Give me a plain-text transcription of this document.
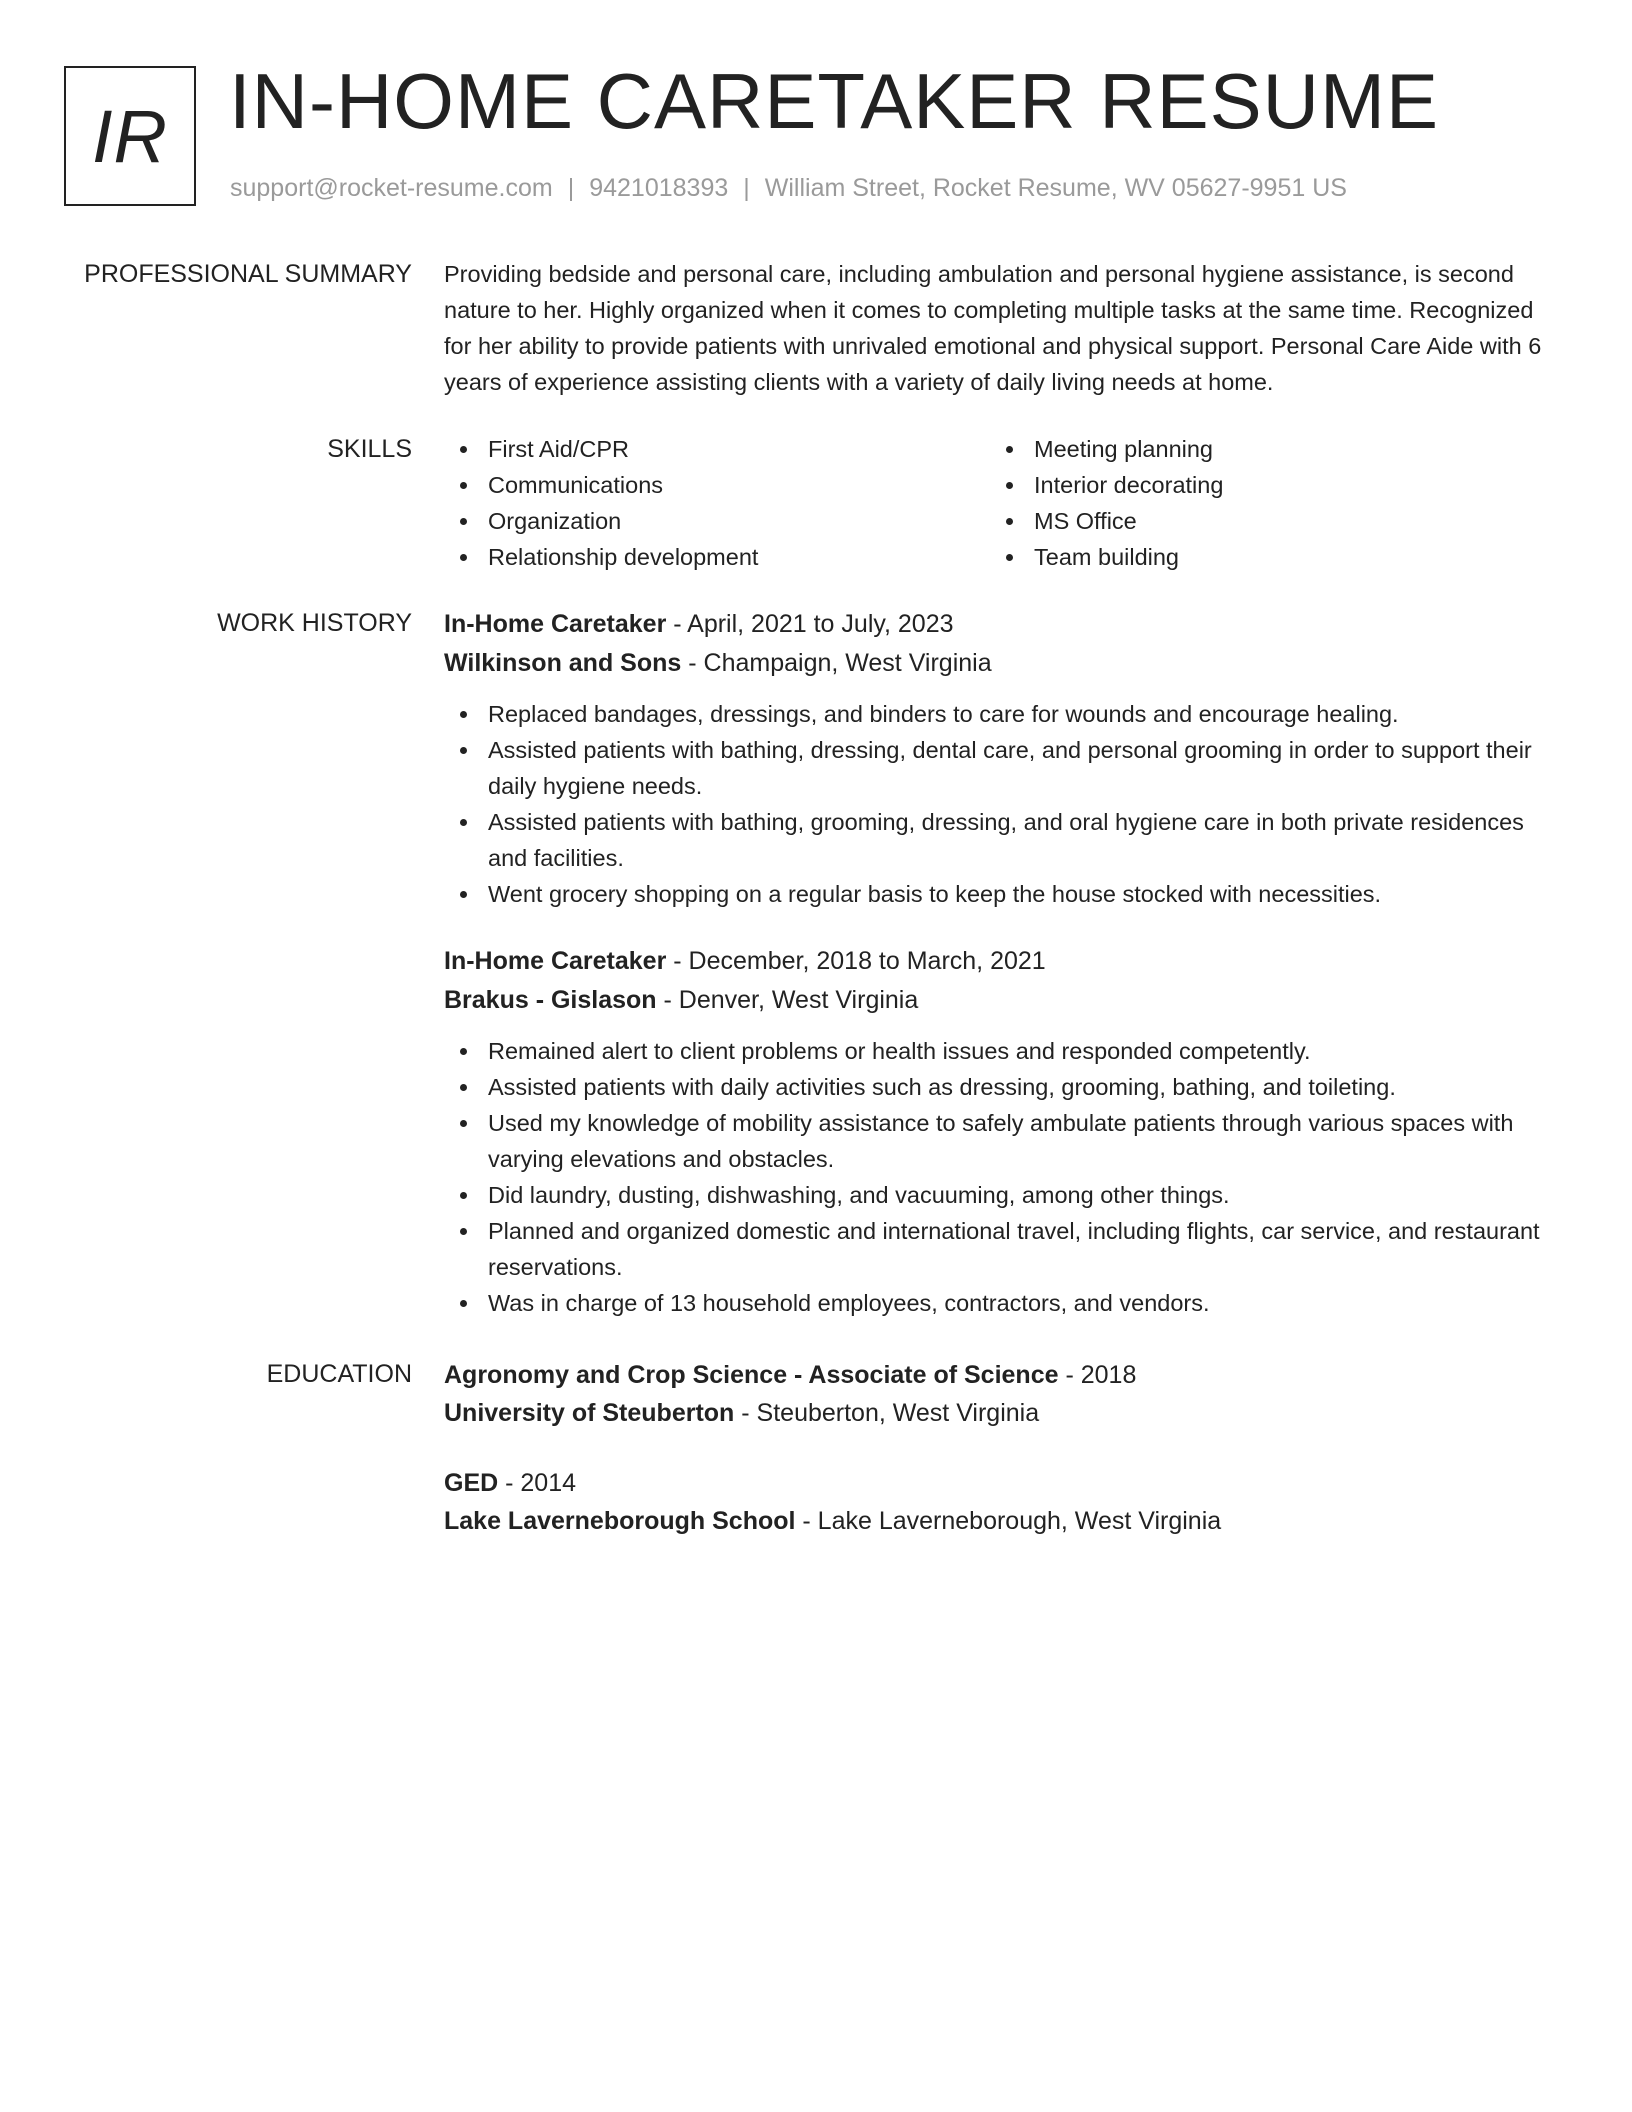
IR IN-HOME CARETAKER RESUME
support@rocket-resume.com | 9421018393 | William Street, Rocket Resume, WV 05627-9951 US
PROFESSIONAL SUMMARY Providing bedside and personal care, including ambulation and personal hygiene assistance, is second nature to her. Highly organized when it comes to completing multiple tasks at the same time. Recognized for her ability to provide patients with unrivaled emotional and physical support. Personal Care Aide with 6 years of experience assisting clients with a variety of daily living needs at home.

SKILLS	First Aid/CPR
Communications
Organization
Relationship development
Meeting planning
Interior decorating
MS Office
Team building
WORK HISTORY In-Home Caretaker - April, 2021 to July, 2023
Wilkinson and Sons - Champaign, West Virginia
Replaced bandages, dressings, and binders to care for wounds and encourage healing.
Assisted patients with bathing, dressing, dental care, and personal grooming in order to support their daily hygiene needs.
Assisted patients with bathing, grooming, dressing, and oral hygiene care in both private residences and facilities.
Went grocery shopping on a regular basis to keep the house stocked with necessities.
In-Home Caretaker - December, 2018 to March, 2021
Brakus - Gislason - Denver, West Virginia
Remained alert to client problems or health issues and responded competently.
Assisted patients with daily activities such as dressing, grooming, bathing, and toileting.
Used my knowledge of mobility assistance to safely ambulate patients through various spaces with varying elevations and obstacles.
Did laundry, dusting, dishwashing, and vacuuming, among other things.
Planned and organized domestic and international travel, including flights, car service, and restaurant reservations.
Was in charge of 13 household employees, contractors, and vendors.
EDUCATION Agronomy and Crop Science - Associate of Science - 2018
University of Steuberton - Steuberton, West Virginia
GED - 2014
Lake Laverneborough School - Lake Laverneborough, West Virginia
